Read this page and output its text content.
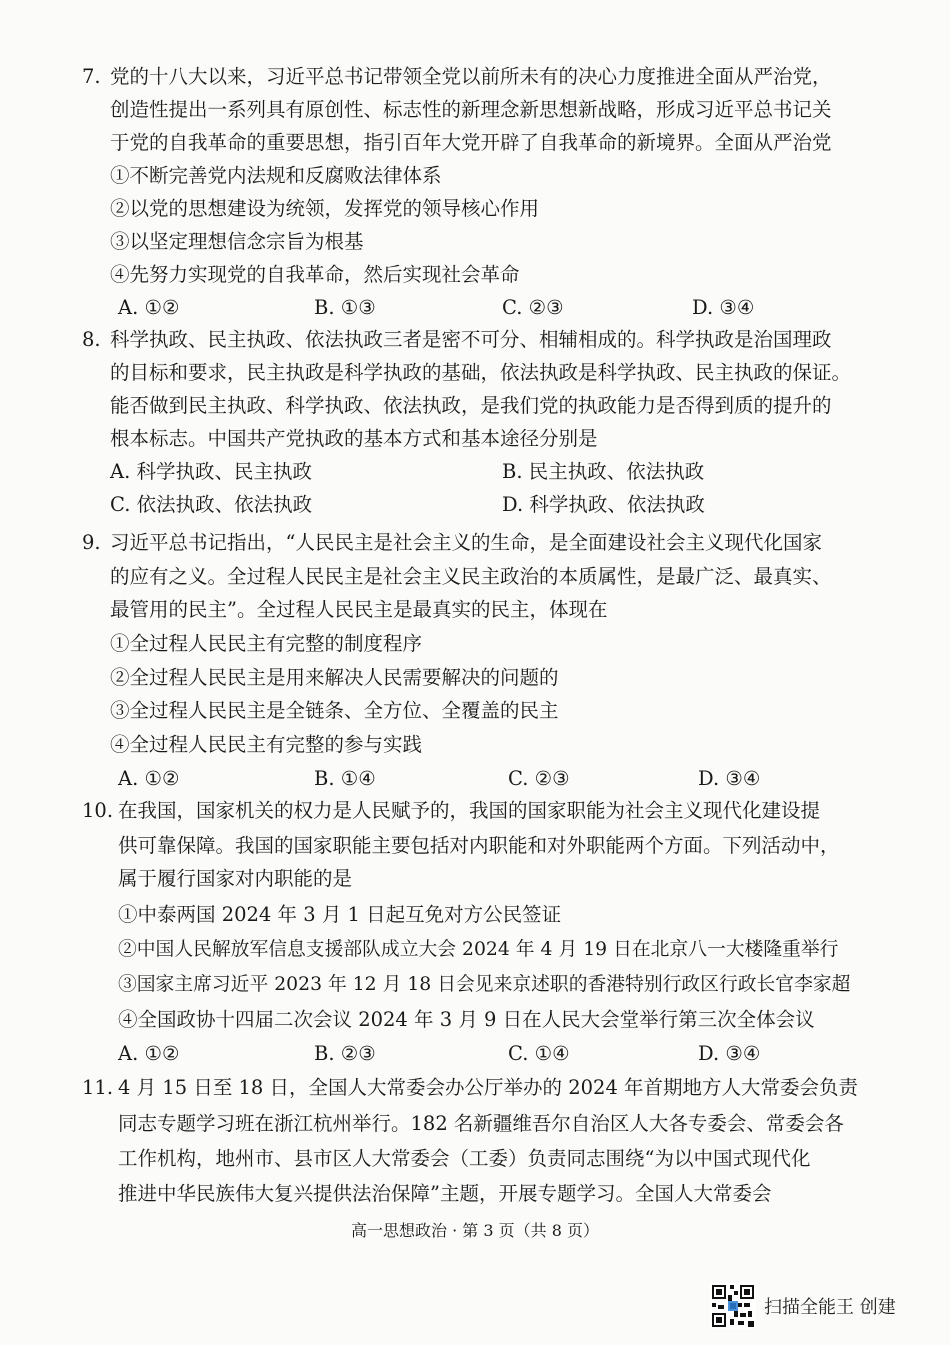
7. 党的十八大以来，习近平总书记带领全党以前所未有的决心力度推进全面从严治党，
创造性提出一系列具有原创性、标志性的新理念新思想新战略，形成习近平总书记关
于党的自我革命的重要思想，指引百年大党开辟了自我革命的新境界。全面从严治党
①不断完善党内法规和反腐败法律体系
②以党的思想建设为统领，发挥党的领导核心作用
③以坚定理想信念宗旨为根基
④先努力实现党的自我革命，然后实现社会革命
A. ①②	B. ①③	C. ②③	D. ③④
8. 科学执政、民主执政、依法执政三者是密不可分、相辅相成的。科学执政是治国理政
的目标和要求，民主执政是科学执政的基础，依法执政是科学执政、民主执政的保证。
能否做到民主执政、科学执政、依法执政，是我们党的执政能力是否得到质的提升的
根本标志。中国共产党执政的基本方式和基本途径分别是
A. 科学执政、民主执政	B. 民主执政、依法执政
C. 依法执政、依法执政	D. 科学执政、依法执政
9. 习近平总书记指出，“人民民主是社会主义的生命，是全面建设社会主义现代化国家
的应有之义。全过程人民民主是社会主义民主政治的本质属性，是最广泛、最真实、
最管用的民主”。全过程人民民主是最真实的民主，体现在
①全过程人民民主有完整的制度程序
②全过程人民民主是用来解决人民需要解决的问题的
③全过程人民民主是全链条、全方位、全覆盖的民主
④全过程人民民主有完整的参与实践
A. ①②	B. ①④	C. ②③	D. ③④
10. 在我国，国家机关的权力是人民赋予的，我国的国家职能为社会主义现代化建设提
供可靠保障。我国的国家职能主要包括对内职能和对外职能两个方面。下列活动中，
属于履行国家对内职能的是
①中泰两国 2024 年 3 月 1 日起互免对方公民签证
②中国人民解放军信息支援部队成立大会 2024 年 4 月 19 日在北京八一大楼隆重举行
③国家主席习近平 2023 年 12 月 18 日会见来京述职的香港特别行政区行政长官李家超
④全国政协十四届二次会议 2024 年 3 月 9 日在人民大会堂举行第三次全体会议
A. ①②	B. ②③	C. ①④	D. ③④
11. 4 月 15 日至 18 日，全国人大常委会办公厅举办的 2024 年首期地方人大常委会负责
同志专题学习班在浙江杭州举行。182 名新疆维吾尔自治区人大各专委会、常委会各
工作机构，地州市、县市区人大常委会（工委）负责同志围绕“为以中国式现代化
推进中华民族伟大复兴提供法治保障”主题，开展专题学习。全国人大常委会
高一思想政治 · 第 3 页（共 8 页）
扫描全能王 创建
